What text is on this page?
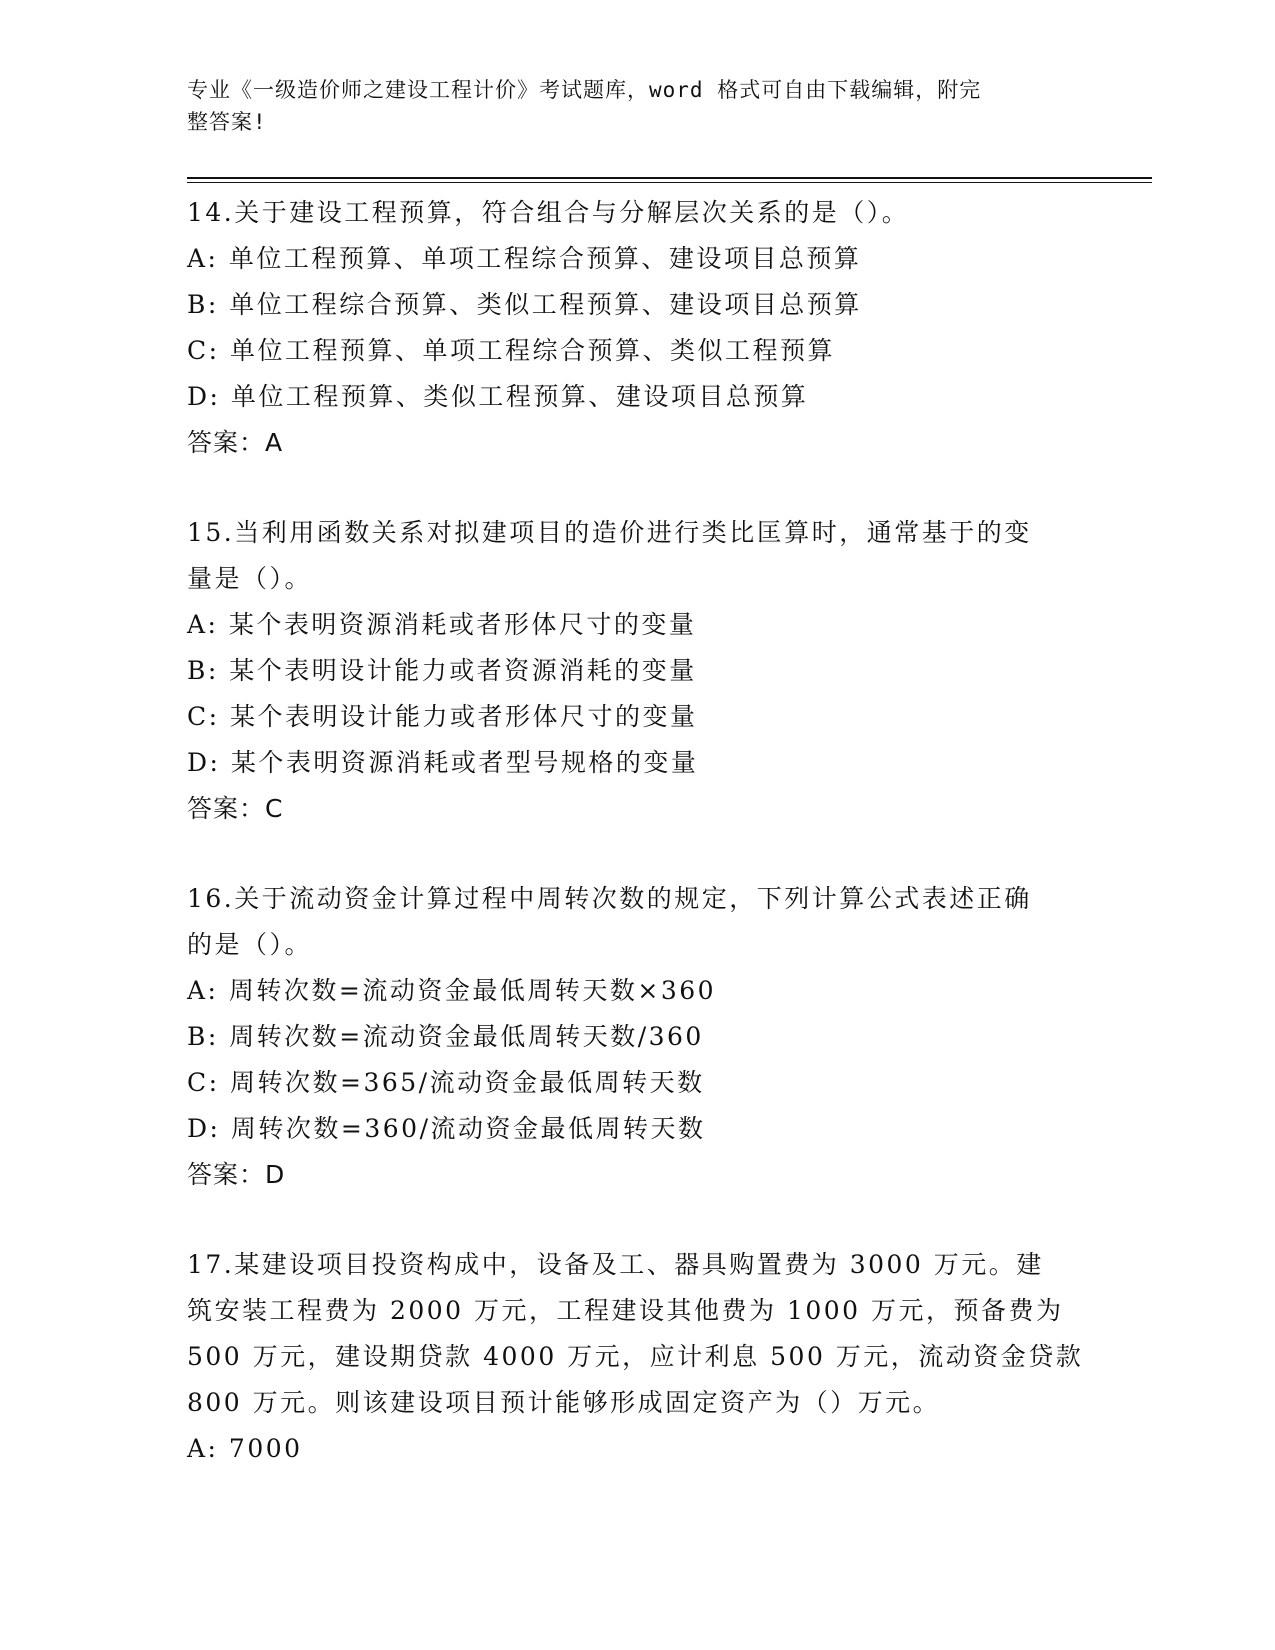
专业《一级造价师之建设工程计价》考试题库，word 格式可自由下载编辑，附完
整答案!
14.关于建设工程预算，符合组合与分解层次关系的是（）。
A: 单位工程预算、单项工程综合预算、建设项目总预算
B: 单位工程综合预算、类似工程预算、建设项目总预算
C: 单位工程预算、单项工程综合预算、类似工程预算
D: 单位工程预算、类似工程预算、建设项目总预算
答案：A
15.当利用函数关系对拟建项目的造价进行类比匡算时，通常基于的变
量是（）。
A: 某个表明资源消耗或者形体尺寸的变量
B: 某个表明设计能力或者资源消耗的变量
C: 某个表明设计能力或者形体尺寸的变量
D: 某个表明资源消耗或者型号规格的变量
答案：C
16.关于流动资金计算过程中周转次数的规定，下列计算公式表述正确
的是（）。
A: 周转次数=流动资金最低周转天数×360
B: 周转次数=流动资金最低周转天数/360
C: 周转次数=365/流动资金最低周转天数
D: 周转次数=360/流动资金最低周转天数
答案：D
17.某建设项目投资构成中，设备及工、器具购置费为 3000 万元。建
筑安装工程费为 2000 万元，工程建设其他费为 1000 万元，预备费为
500 万元，建设期贷款 4000 万元，应计利息 500 万元，流动资金贷款
800 万元。则该建设项目预计能够形成固定资产为（）万元。
A: 7000
